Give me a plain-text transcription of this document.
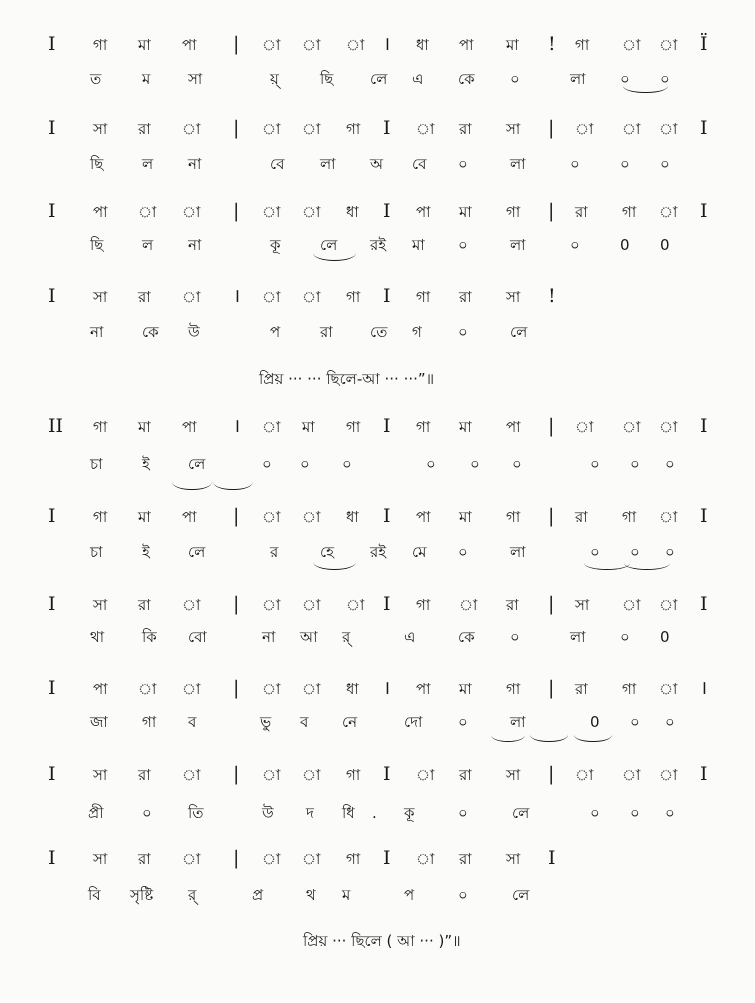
I গা মা পা | া া া । ধা পা মা ! গা া া Ï
ত	ম	সা	য়্	ছি লে এ কে ০	লা ০ ০
I সা রা া | া া গা I া রা সা | া া া I
ছি	ল না	বে লা অ বে ০	লা	০	০ ০
I পা া া | া া ধা I পা মা গা | রা গা া I
ছি	ল না	কূ	লে রই মা ০	লা	০	0 0
I সা রা া । া া গা I গা রা সা !
না	কে উ	প	রা তে গ ০	লে
II গা মা পা । া মা গা I গা মা পা | া া া I
চা	ই	লে	০ ০ ০	০ ০ ০	০ ০ ০
I গা মা পা | া া ধা I পা মা গা | রা গা া I
চা	ই	লে	র	হে রই মে ০	লা	০ ০ ০
I সা রা া | া া া I গা া রা | সা া া I
থা	কি বো	না আ র্	এ	কে ০	লা ০ 0
I পা া া | া া ধা । পা মা গা | রা গা া ।
জা গা ব	ভু ব নে	দো ০	লা	0 ০ ০
I সা রা া | া া গা I া রা সা | া া া I
প্রী	০ তি	উ দ ধি . কূ	০	লে	০ ০ ০
I সা রা া | া া গা I া রা সা I
বি সৃষ্টি র্	প্র	থ ম	প	০	লে
প্রিয় ··· ··· ছিলে-আ ··· ···”॥
প্রিয় ··· ছিলে ( আ ··· )”॥
